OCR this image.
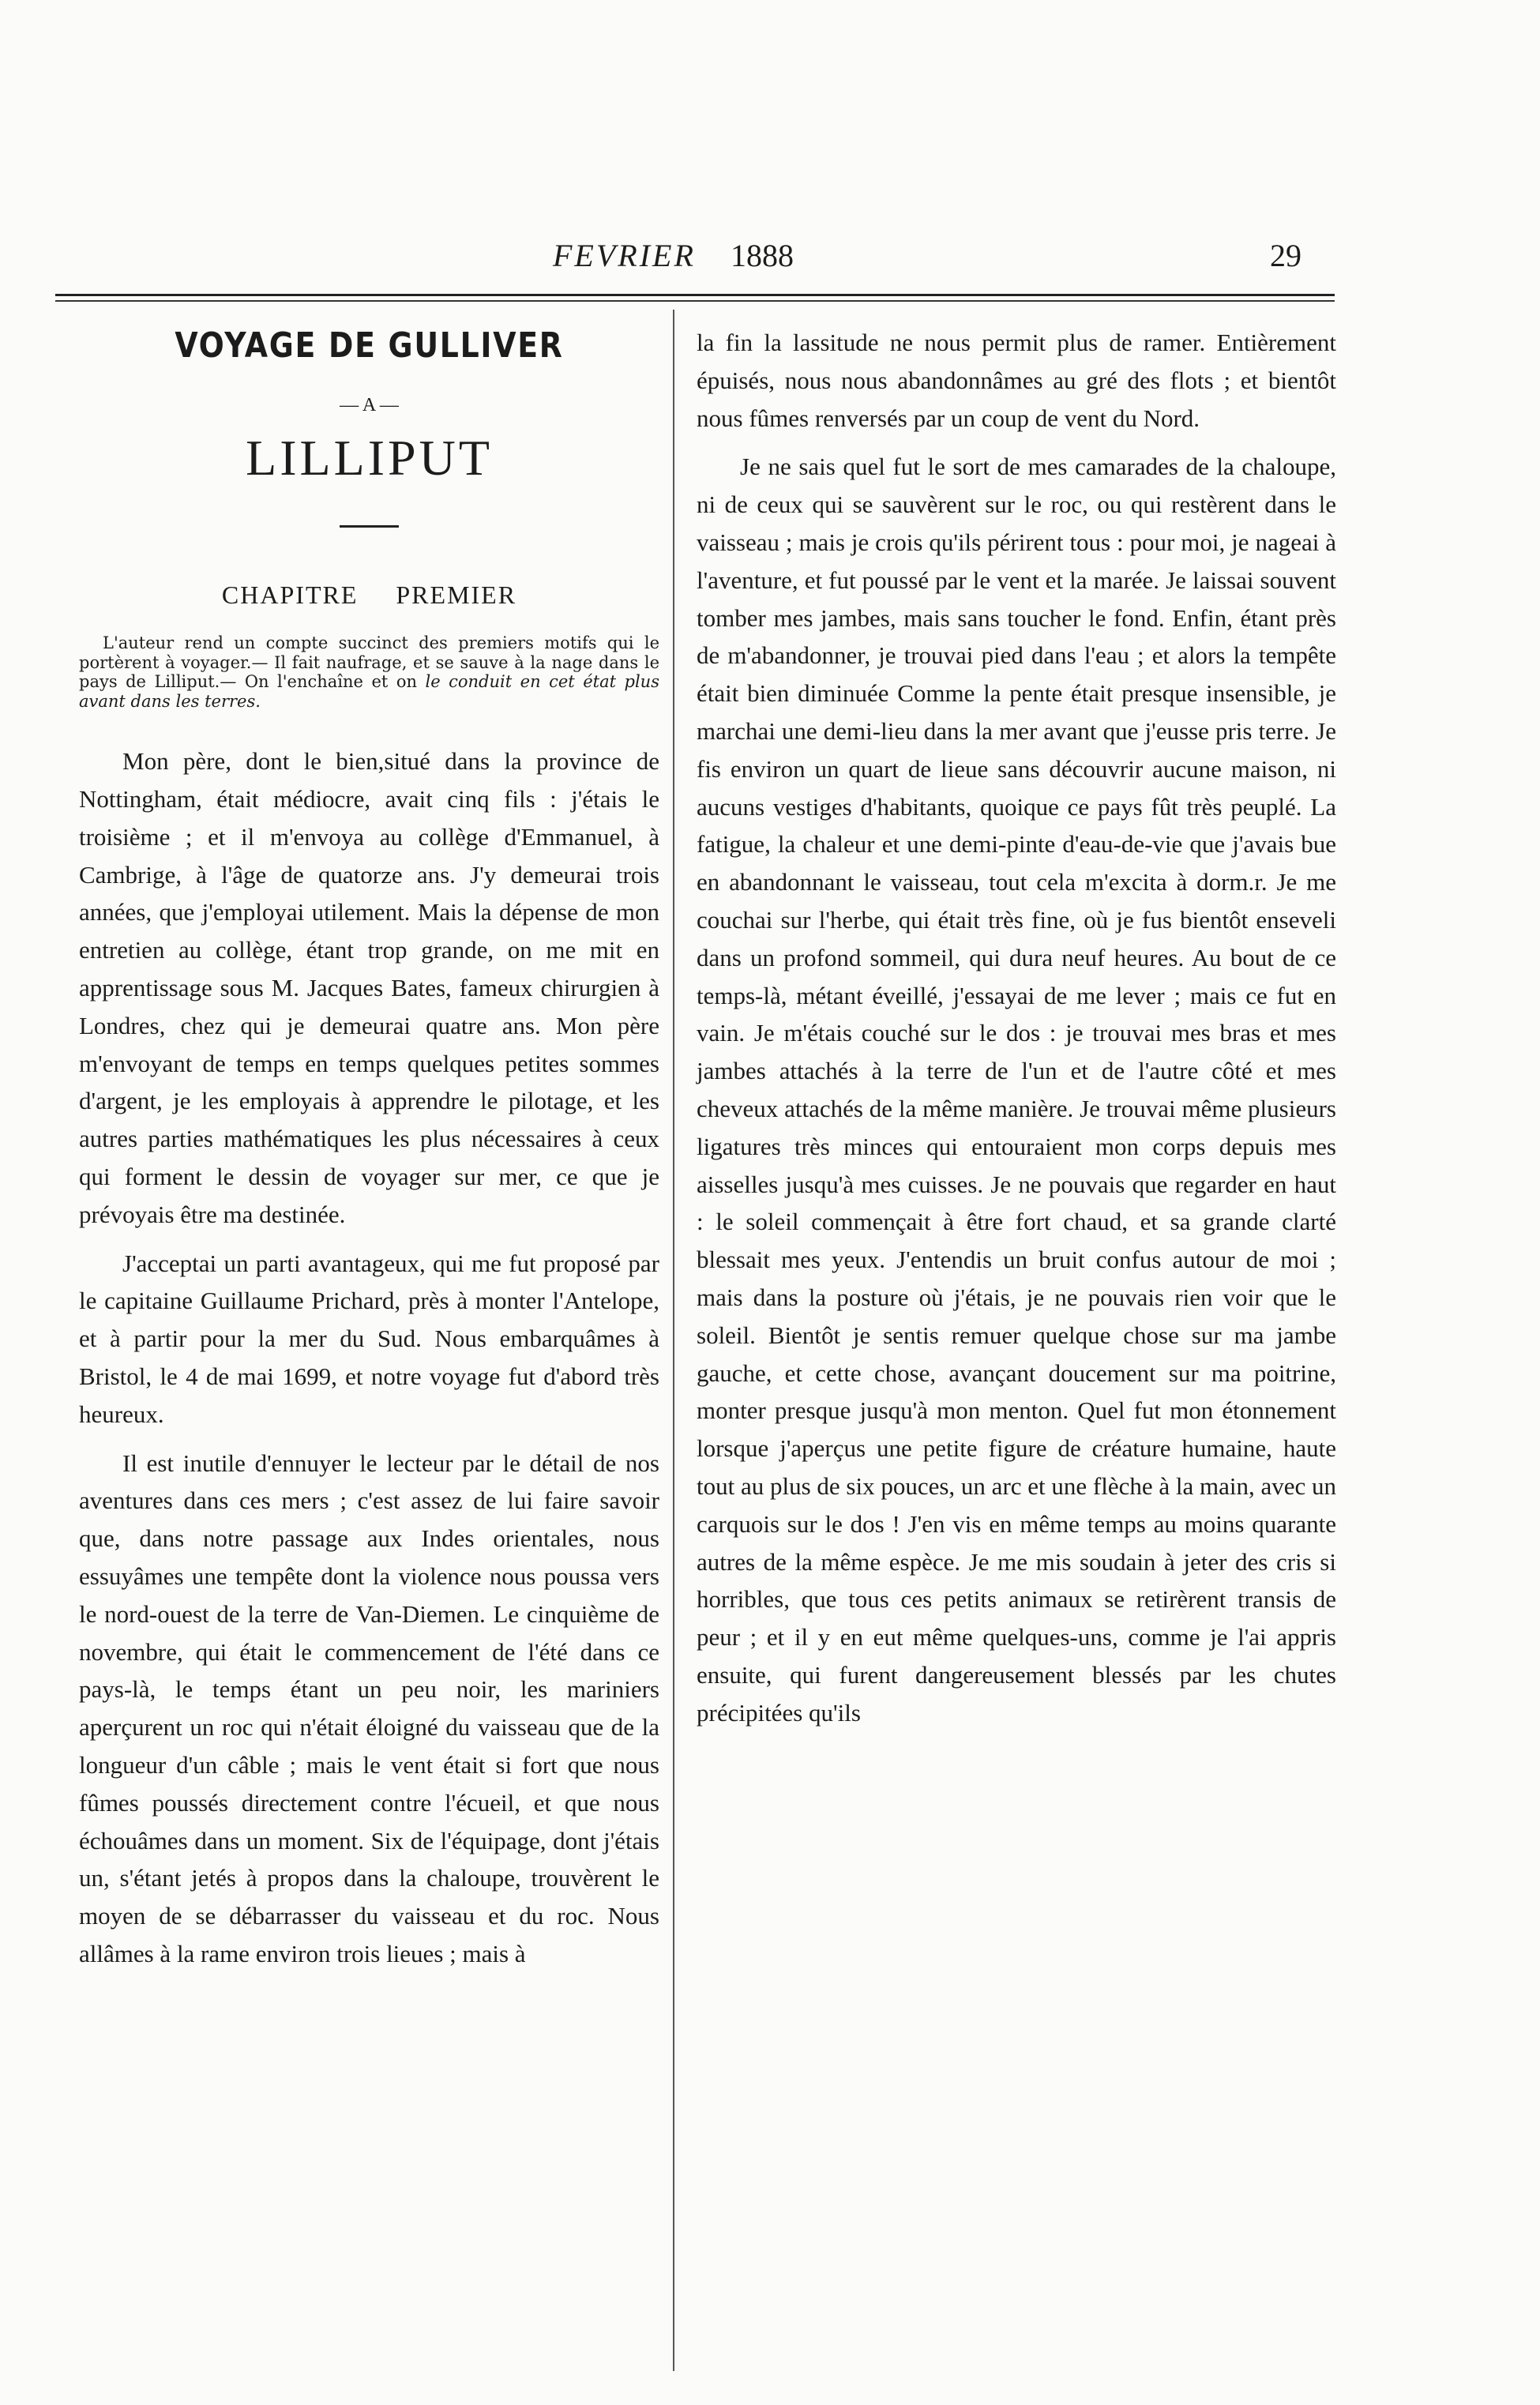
FEVRIER 1888	29
VOYAGE DE GULLIVER
— A —
LILLIPUT
CHAPITRE PREMIER
L'auteur rend un compte succinct des premiers motifs qui le portèrent à voyager.— Il fait naufrage, et se sauve à la nage dans le pays de Lilliput.— On l'enchaîne et on le conduit en cet état plus avant dans les terres.

Mon père, dont le bien,situé dans la province de Nottingham, était médiocre, avait cinq fils : j'étais le troisième ; et il m'envoya au collège d'Emmanuel, à Cambrige, à l'âge de quatorze ans. J'y demeurai trois années, que j'employai utilement. Mais la dépense de mon entretien au collège, étant trop grande, on me mit en apprentissage sous M. Jacques Bates, fameux chirurgien à Londres, chez qui je demeurai quatre ans. Mon père m'envoyant de temps en temps quelques petites sommes d'argent, je les employais à apprendre le pilotage, et les autres parties mathématiques les plus nécessaires à ceux qui forment le dessin de voyager sur mer, ce que je prévoyais être ma destinée.

J'acceptai un parti avantageux, qui me fut proposé par le capitaine Guillaume Prichard, près à monter l'Antelope, et à partir pour la mer du Sud. Nous embarquâmes à Bristol, le 4 de mai 1699, et notre voyage fut d'abord très heureux.

Il est inutile d'ennuyer le lecteur par le détail de nos aventures dans ces mers ; c'est assez de lui faire savoir que, dans notre passage aux Indes orientales, nous essuyâmes une tempête dont la violence nous poussa vers le nord-ouest de la terre de Van-Diemen. Le cinquième de novembre, qui était le commencement de l'été dans ce pays-là, le temps étant un peu noir, les mariniers aperçurent un roc qui n'était éloigné du vaisseau que de la longueur d'un câble ; mais le vent était si fort que nous fûmes poussés directement contre l'écueil, et que nous échouâmes dans un moment. Six de l'équipage, dont j'étais un, s'étant jetés à propos dans la chaloupe, trouvèrent le moyen de se débarrasser du vaisseau et du roc. Nous allâmes à la rame environ trois lieues ; mais à

la fin la lassitude ne nous permit plus de ramer. Entièrement épuisés, nous nous abandonnâmes au gré des flots ; et bientôt nous fûmes renversés par un coup de vent du Nord.

Je ne sais quel fut le sort de mes camarades de la chaloupe, ni de ceux qui se sauvèrent sur le roc, ou qui restèrent dans le vaisseau ; mais je crois qu'ils périrent tous : pour moi, je nageai à l'aventure, et fut poussé par le vent et la marée. Je laissai souvent tomber mes jambes, mais sans toucher le fond. Enfin, étant près de m'abandonner, je trouvai pied dans l'eau ; et alors la tempête était bien diminuée Comme la pente était presque insensible, je marchai une demi-lieu dans la mer avant que j'eusse pris terre. Je fis environ un quart de lieue sans découvrir aucune maison, ni aucuns vestiges d'habitants, quoique ce pays fût très peuplé. La fatigue, la chaleur et une demi-pinte d'eau-de-vie que j'avais bue en abandonnant le vaisseau, tout cela m'excita à dorm.r. Je me couchai sur l'herbe, qui était très fine, où je fus bientôt enseveli dans un profond sommeil, qui dura neuf heures. Au bout de ce temps-là, métant éveillé, j'essayai de me lever ; mais ce fut en vain. Je m'étais couché sur le dos : je trouvai mes bras et mes jambes attachés à la terre de l'un et de l'autre côté et mes cheveux attachés de la même manière. Je trouvai même plusieurs ligatures très minces qui entouraient mon corps depuis mes aisselles jusqu'à mes cuisses. Je ne pouvais que regarder en haut : le soleil commençait à être fort chaud, et sa grande clarté blessait mes yeux. J'entendis un bruit confus autour de moi ; mais dans la posture où j'étais, je ne pouvais rien voir que le soleil. Bientôt je sentis remuer quelque chose sur ma jambe gauche, et cette chose, avançant doucement sur ma poitrine, monter presque jusqu'à mon menton. Quel fut mon étonnement lorsque j'aperçus une petite figure de créature humaine, haute tout au plus de six pouces, un arc et une flèche à la main, avec un carquois sur le dos ! J'en vis en même temps au moins quarante autres de la même espèce. Je me mis soudain à jeter des cris si horribles, que tous ces petits animaux se retirèrent transis de peur ; et il y en eut même quelques-uns, comme je l'ai appris ensuite, qui furent dangereusement blessés par les chutes précipitées qu'ils
